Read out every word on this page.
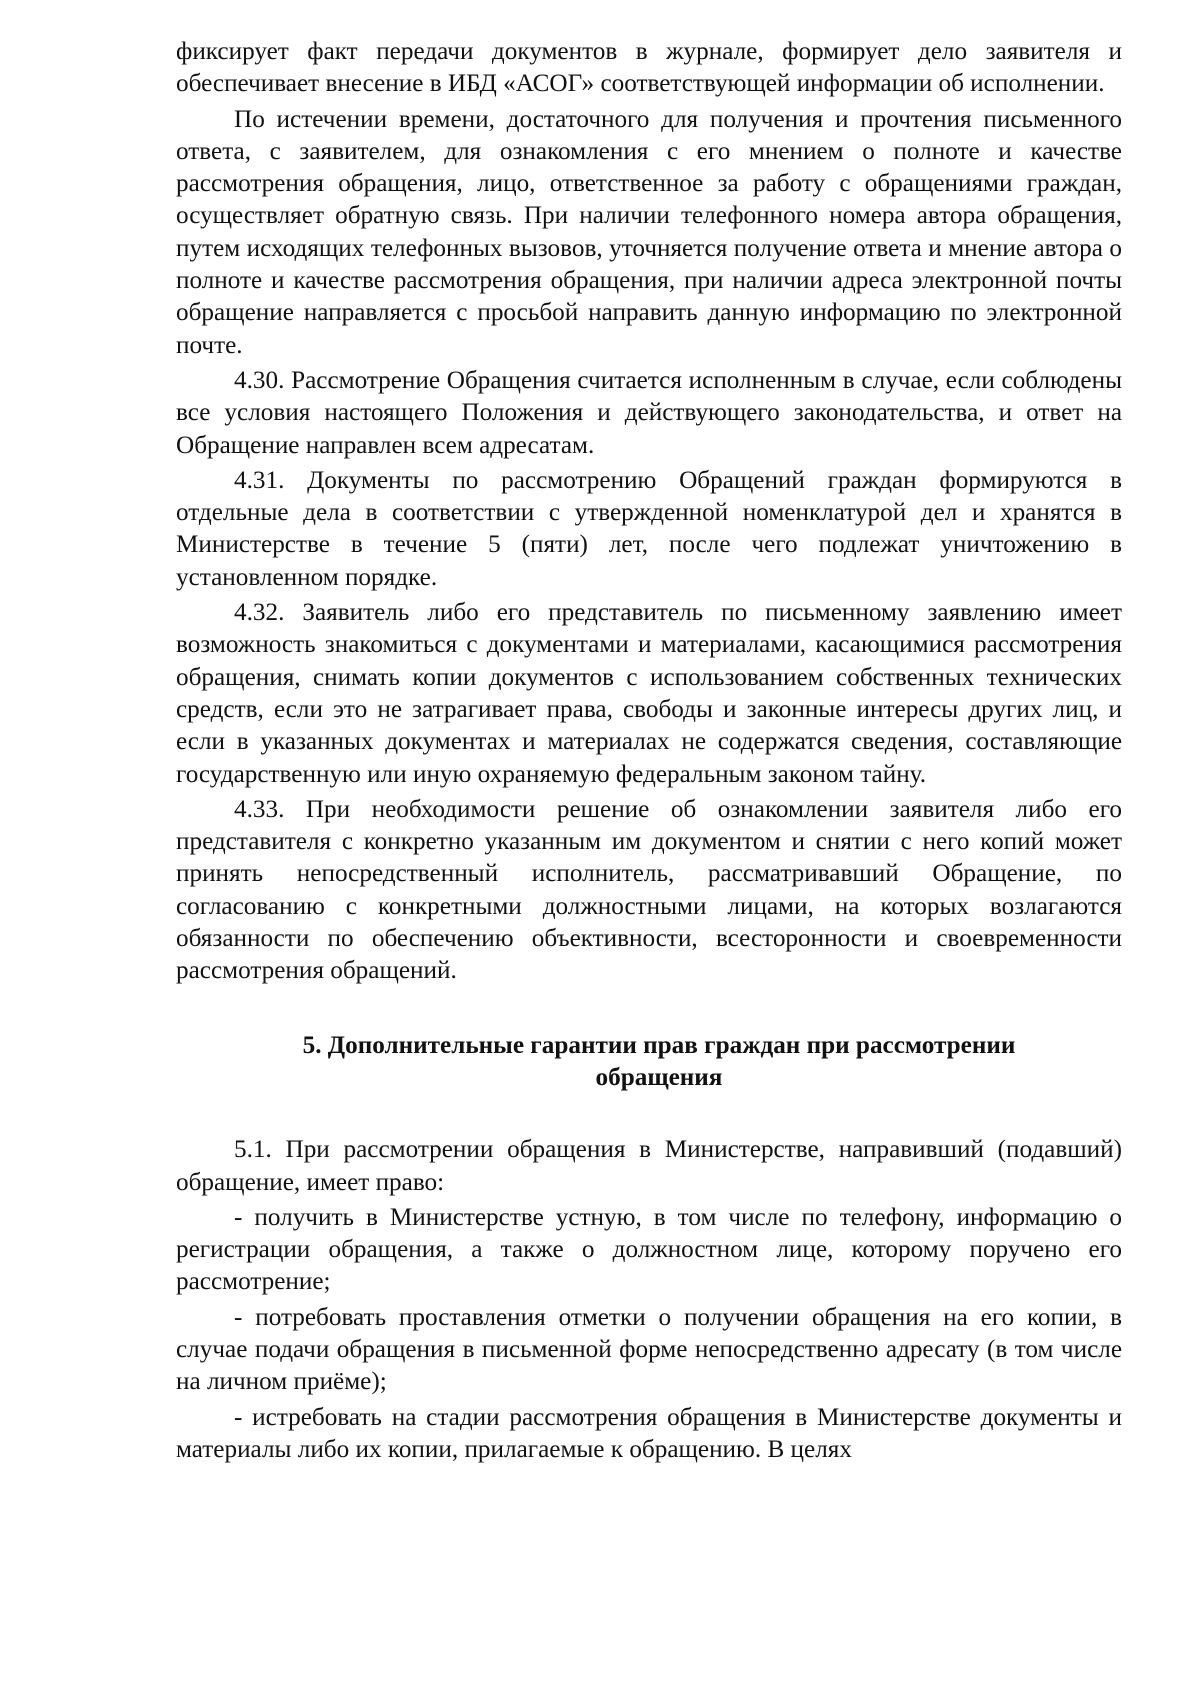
фиксирует факт передачи документов в журнале, формирует дело заявителя и обеспечивает внесение в ИБД «АСОГ» соответствующей информации об исполнении.

По истечении времени, достаточного для получения и прочтения письменного ответа, с заявителем, для ознакомления с его мнением о полноте и качестве рассмотрения обращения, лицо, ответственное за работу с обращениями граждан, осуществляет обратную связь. При наличии телефонного номера автора обращения, путем исходящих телефонных вызовов, уточняется получение ответа и мнение автора о полноте и качестве рассмотрения обращения, при наличии адреса электронной почты обращение направляется с просьбой направить данную информацию по электронной почте.

4.30. Рассмотрение Обращения считается исполненным в случае, если соблюдены все условия настоящего Положения и действующего законодательства, и ответ на Обращение направлен всем адресатам.

4.31. Документы по рассмотрению Обращений граждан формируются в отдельные дела в соответствии с утвержденной номенклатурой дел и хранятся в Министерстве в течение 5 (пяти) лет, после чего подлежат уничтожению в установленном порядке.

4.32. Заявитель либо его представитель по письменному заявлению имеет возможность знакомиться с документами и материалами, касающимися рассмотрения обращения, снимать копии документов с использованием собственных технических средств, если это не затрагивает права, свободы и законные интересы других лиц, и если в указанных документах и материалах не содержатся сведения, составляющие государственную или иную охраняемую федеральным законом тайну.

4.33. При необходимости решение об ознакомлении заявителя либо его представителя с конкретно указанным им документом и снятии с него копий может принять непосредственный исполнитель, рассматривавший Обращение, по согласованию с конкретными должностными лицами, на которых возлагаются обязанности по обеспечению объективности, всесторонности и своевременности рассмотрения обращений.

5. Дополнительные гарантии прав граждан при рассмотрении
обращения

5.1. При рассмотрении обращения в Министерстве, направивший (подавший) обращение, имеет право:

- получить в Министерстве устную, в том числе по телефону, информацию о регистрации обращения, а также о должностном лице, которому поручено его рассмотрение;

- потребовать проставления отметки о получении обращения на его копии, в случае подачи обращения в письменной форме непосредственно адресату (в том числе на личном приёме);

- истребовать на стадии рассмотрения обращения в Министерстве документы и материалы либо их копии, прилагаемые к обращению. В целях
